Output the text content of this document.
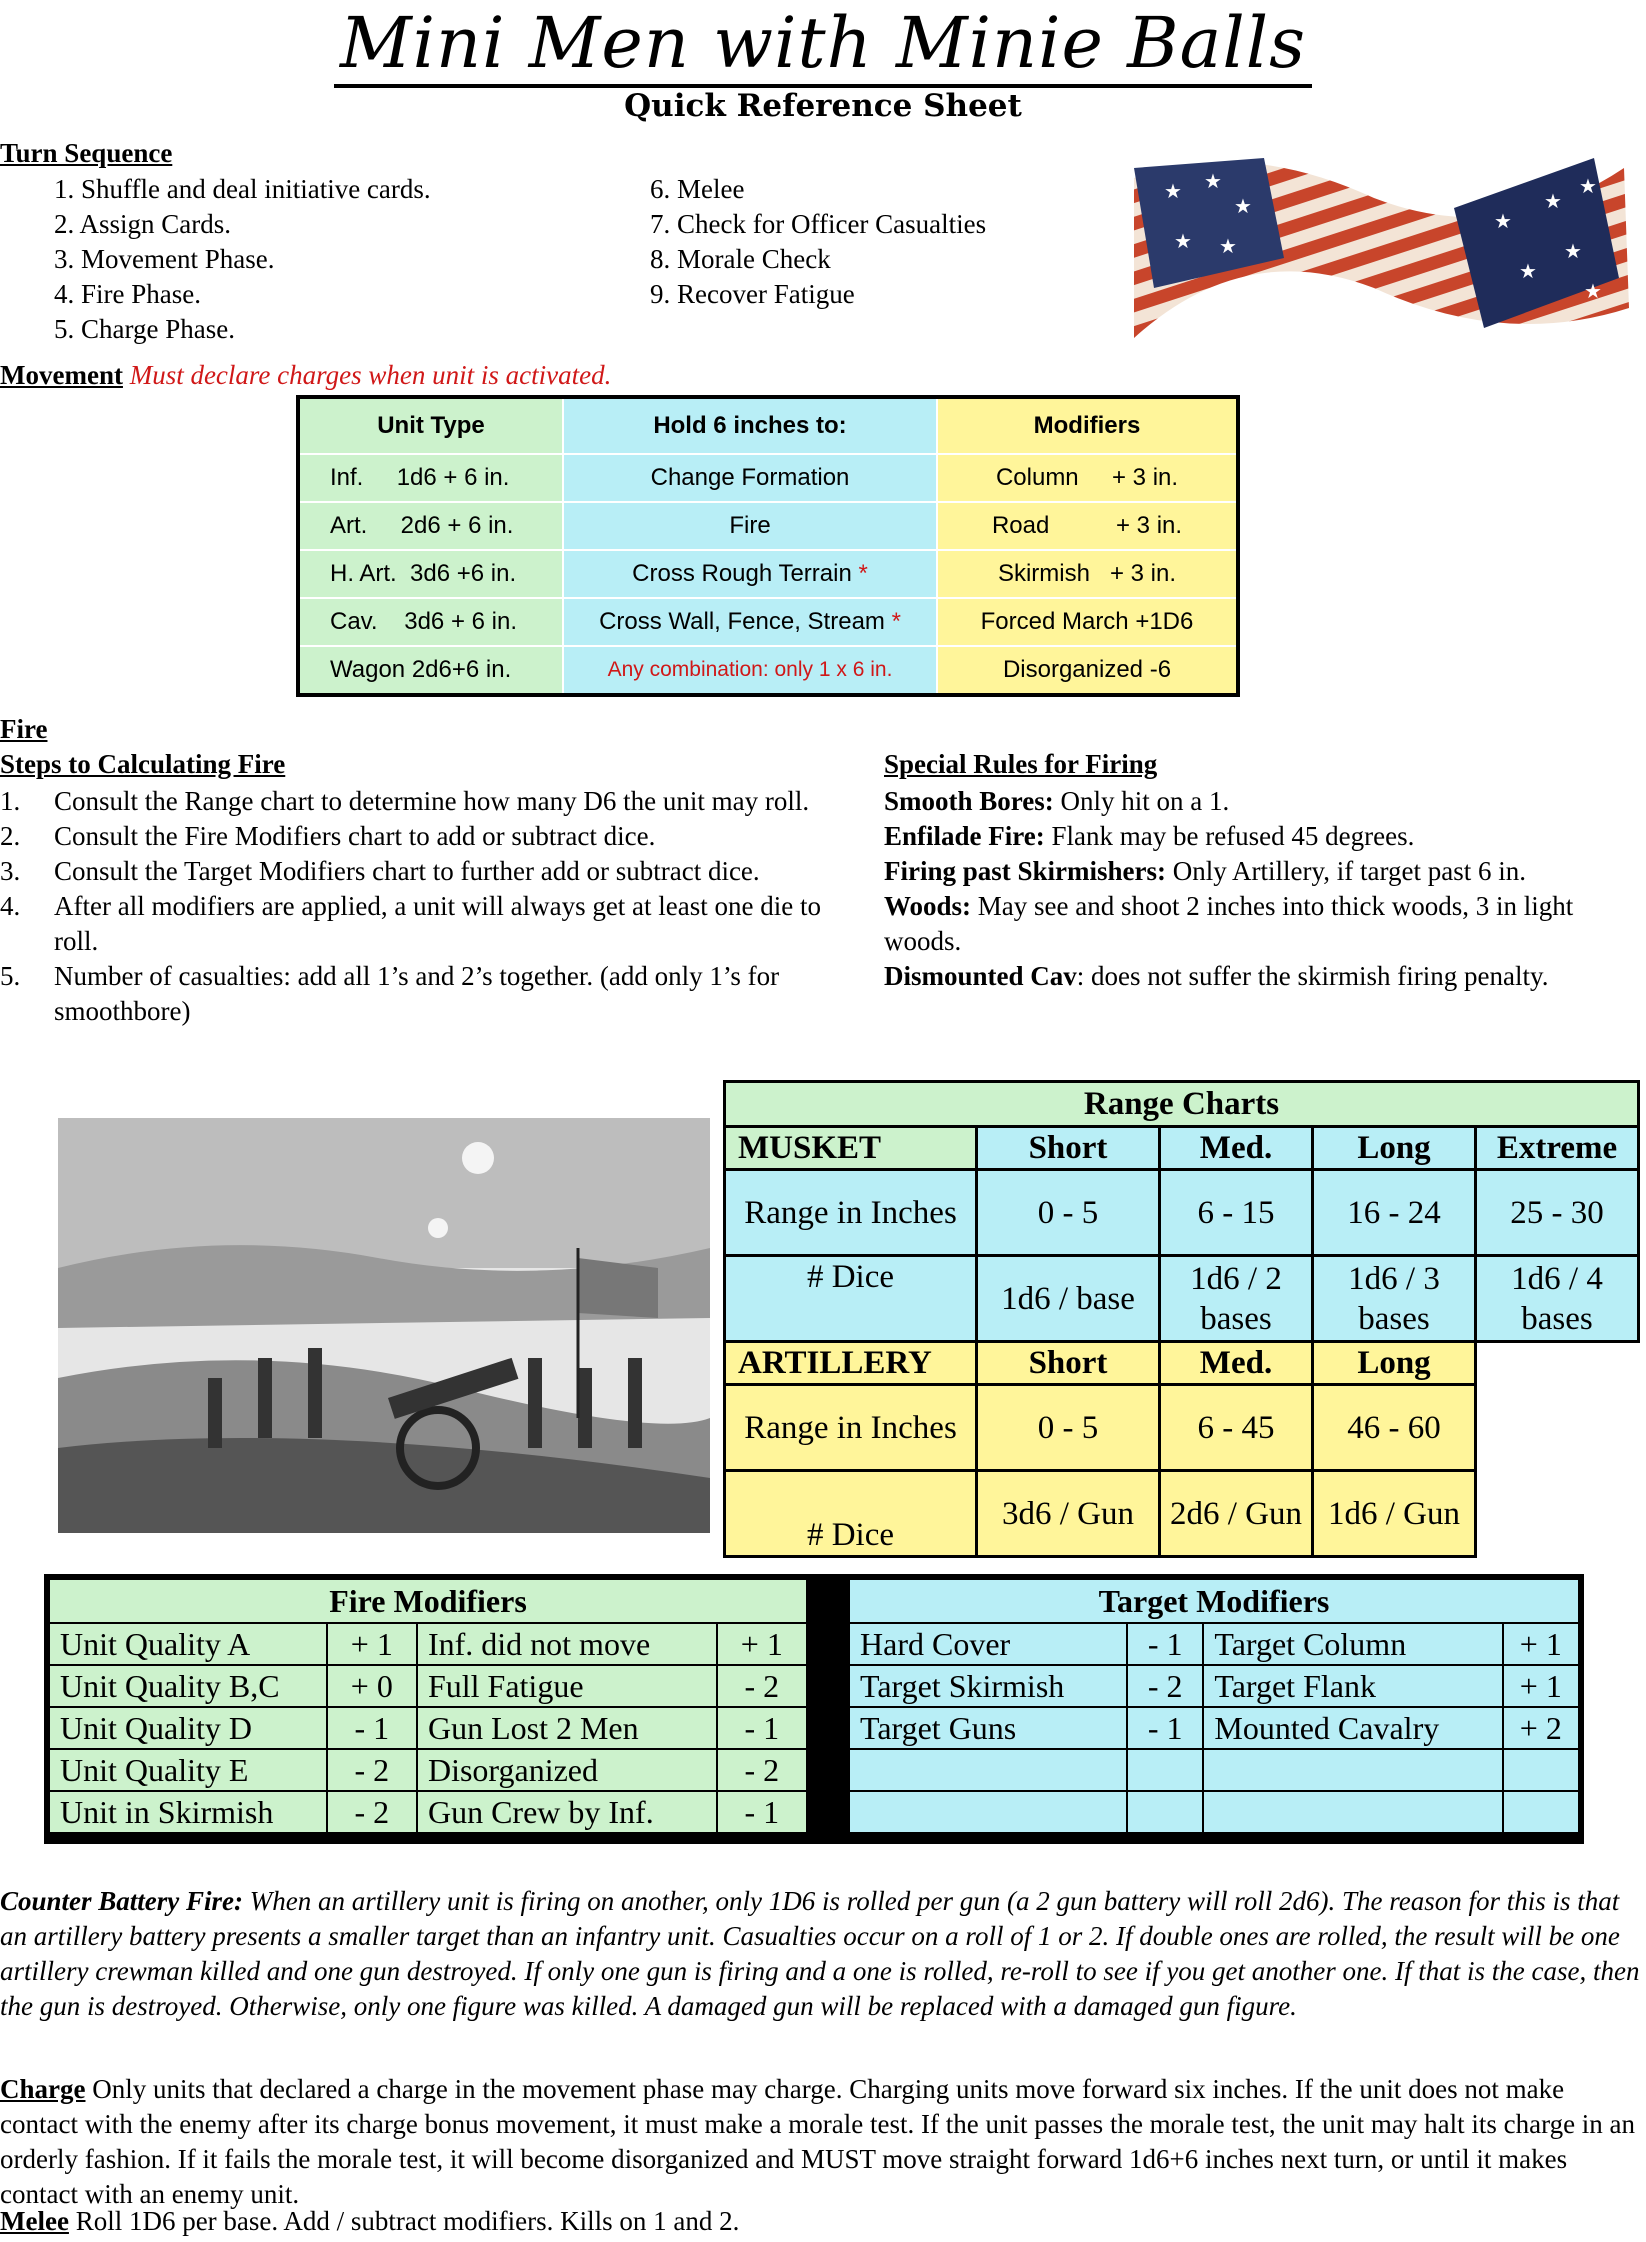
Mini Men with Minie Balls
Quick Reference Sheet
Turn Sequence
1. Shuffle and deal initiative cards.
2. Assign Cards.
3. Movement Phase.
4. Fire Phase.
5. Charge Phase.
6. Melee
7. Check for Officer Casualties
8. Morale Check
9. Recover Fatigue
★ ★
★
★ ★
★
★
★
★
★
★
Movement Must declare charges when unit is activated.
Unit Type	Hold 6 inches to:	Modifiers
Inf.     1d6 + 6 in.	Change Formation	Column     + 3 in.
Art.     2d6 + 6 in.	Fire	Road          + 3 in.
H. Art.  3d6 +6 in.	Cross Rough Terrain *	Skirmish   + 3 in.
Cav.    3d6 + 6 in.	Cross Wall, Fence, Stream *	Forced March +1D6
Wagon 2d6+6 in.	Any combination: only 1 x 6 in.	Disorganized -6
Fire
Steps to Calculating Fire
1.	Consult the Range chart to determine how many D6 the unit may roll.
2.	Consult the Fire Modifiers chart to add or subtract dice.
3.	Consult the Target Modifiers chart to further add or subtract dice.
4.	After all modifiers are applied, a unit will always get at least one die to roll.
5.	Number of casualties: add all 1’s and 2’s together. (add only 1’s for smoothbore)
Special Rules for Firing
Smooth Bores: Only hit on a 1.
Enfilade Fire: Flank may be refused 45 degrees.
Firing past Skirmishers: Only Artillery, if target past 6 in.
Woods: May see and shoot 2 inches into thick woods, 3 in light woods.
Dismounted Cav: does not suffer the skirmish firing penalty.
Range Charts				
MUSKET	Short	Med.	Long	Extreme
Range in Inches	0 - 5	6 - 15	16 - 24	25 - 30
# Dice	1d6 / base	1d6 / 2 bases	1d6 / 3 bases	1d6 / 4 bases
ARTILLERY	Short	Med.	Long	
Range in Inches	0 - 5	6 - 45	46 - 60	
# Dice	3d6 / Gun	2d6 / Gun	1d6 / Gun	
Fire Modifiers			
Unit Quality A	+ 1	Inf. did not move	+ 1
Unit Quality B,C	+ 0	Full Fatigue	- 2
Unit Quality D	- 1	Gun Lost 2 Men	- 1
Unit Quality E	- 2	Disorganized	- 2
Unit in Skirmish	- 2	Gun Crew by Inf.	- 1
Target Modifiers			
Hard Cover	- 1	Target Column	+ 1
Target Skirmish	- 2	Target Flank	+ 1
Target Guns	- 1	Mounted Cavalry	+ 2

Counter Battery Fire: When an artillery unit is firing on another, only 1D6 is rolled per gun (a 2 gun battery will roll 2d6). The reason for this is that an artillery battery presents a smaller target than an infantry unit. Casualties occur on a roll of 1 or 2. If double ones are rolled, the result will be one artillery crewman killed and one gun destroyed. If only one gun is firing and a one is rolled, re-roll to see if you get another one. If that is the case, then the gun is destroyed. Otherwise, only one figure was killed. A damaged gun will be replaced with a damaged gun figure.
Charge Only units that declared a charge in the movement phase may charge. Charging units move forward six inches. If the unit does not make contact with the enemy after its charge bonus movement, it must make a morale test. If the unit passes the morale test, the unit may halt its charge in an orderly fashion. If it fails the morale test, it will become disorganized and MUST move straight forward 1d6+6 inches next turn, or until it makes contact with an enemy unit.
Melee Roll 1D6 per base. Add / subtract modifiers. Kills on 1 and 2.
